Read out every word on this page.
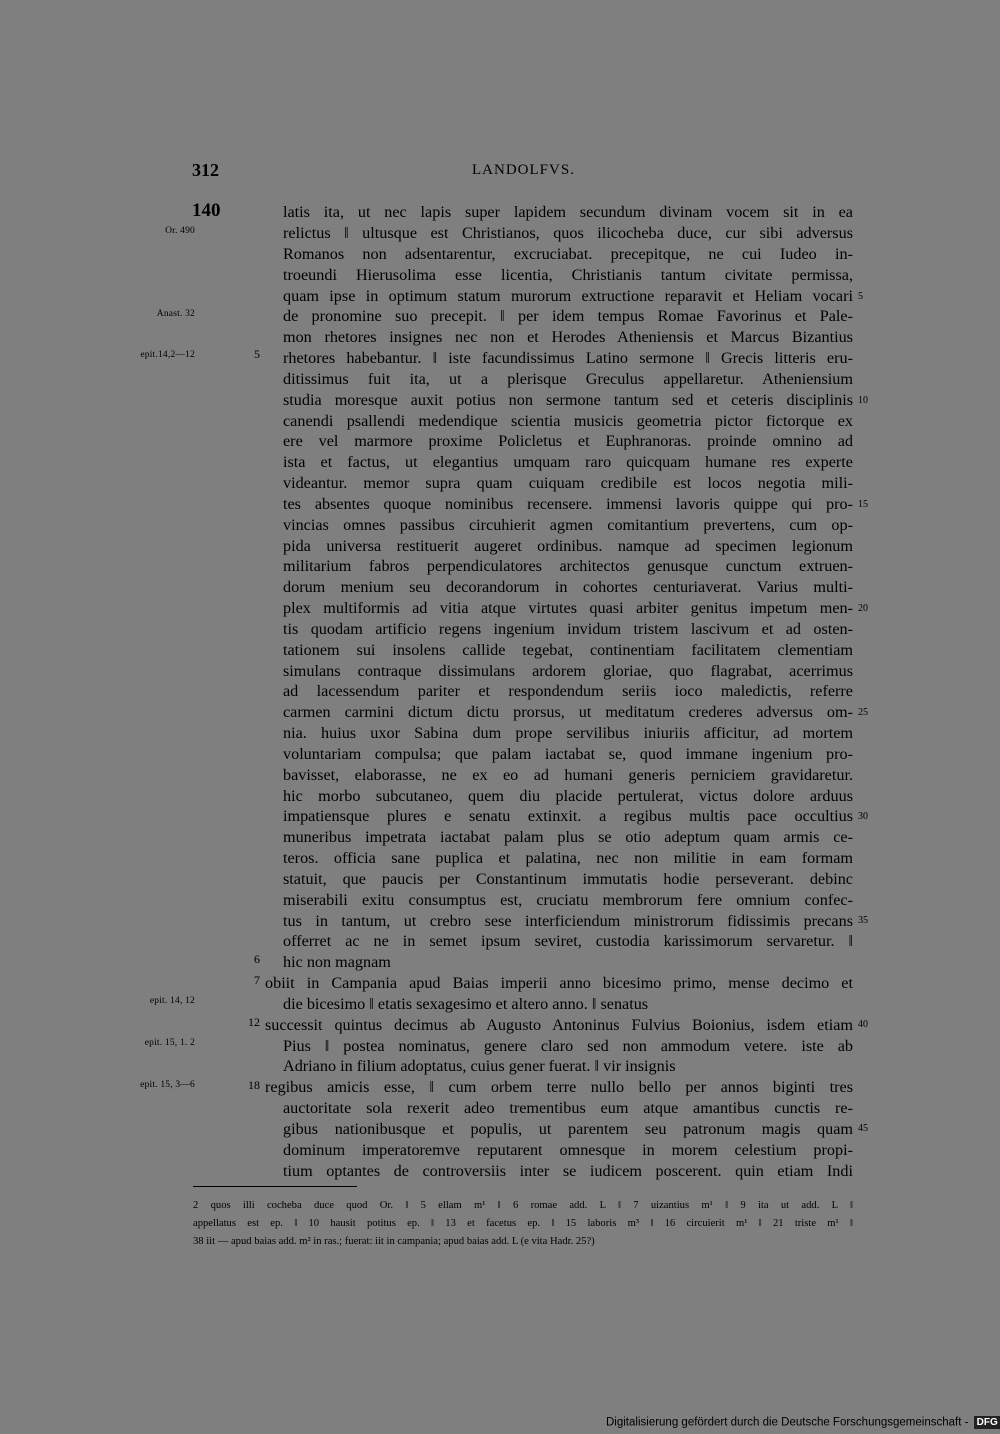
312	LANDOLFVS.
140
Or. 490
Anast. 32
epit.14,2—12
epit. 14, 12
epit. 15, 1. 2
epit. 15, 3—6
5
6
7
12
18
latis ita, ut nec lapis super lapidem secundum divinam vocem sit in ea
relictus ‖ ultusque est Christianos, quos ilicocheba duce, cur sibi adversus
Romanos non adsentarentur, excruciabat. precepitque, ne cui Iudeo in-
troeundi Hierusolima esse licentia, Christianis tantum civitate permissa,
quam ipse in optimum statum murorum extructione reparavit et Heliam vocari
de pronomine suo precepit. ‖ per idem tempus Romae Favorinus et Pale-
mon rhetores insignes nec non et Herodes Atheniensis et Marcus Bizantius
rhetores habebantur. ‖ iste facundissimus Latino sermone ‖ Grecis litteris eru-
ditissimus fuit ita, ut a plerisque Greculus appellaretur. Atheniensium
studia moresque auxit potius non sermone tantum sed et ceteris disciplinis
canendi psallendi medendique scientia musicis geometria pictor fictorque ex
ere vel marmore proxime Policletus et Euphranoras. proinde omnino ad
ista et factus, ut elegantius umquam raro quicquam humane res experte
videantur. memor supra quam cuiquam credibile est locos negotia mili-
tes absentes quoque nominibus recensere. immensi lavoris quippe qui pro-
vincias omnes passibus circuhierit agmen comitantium prevertens, cum op-
pida universa restituerit augeret ordinibus. namque ad specimen legionum
militarium fabros perpendiculatores architectos genusque cunctum extruen-
dorum menium seu decorandorum in cohortes centuriaverat. Varius multi-
plex multiformis ad vitia atque virtutes quasi arbiter genitus impetum men-
tis quodam artificio regens ingenium invidum tristem lascivum et ad osten-
tationem sui insolens callide tegebat, continentiam facilitatem clementiam
simulans contraque dissimulans ardorem gloriae, quo flagrabat, acerrimus
ad lacessendum pariter et respondendum seriis ioco maledictis, referre
carmen carmini dictum dictu prorsus, ut meditatum crederes adversus om-
nia. huius uxor Sabina dum prope servilibus iniuriis afficitur, ad mortem
voluntariam compulsa; que palam iactabat se, quod immane ingenium pro-
bavisset, elaborasse, ne ex eo ad humani generis perniciem gravidaretur.
hic morbo subcutaneo, quem diu placide pertulerat, victus dolore arduus
impatiensque plures e senatu extinxit. a regibus multis pace occultius
muneribus impetrata iactabat palam plus se otio adeptum quam armis ce-
teros. officia sane puplica et palatina, nec non militie in eam formam
statuit, que paucis per Constantinum immutatis hodie perseverant. debinc
miserabili exitu consumptus est, cruciatu membrorum fere omnium confec-
tus in tantum, ut crebro sese interficiendum ministrorum fidissimis precans
offerret ac ne in semet ipsum seviret, custodia karissimorum servaretur. ‖
hic non magnam
obiit in Campania apud Baias imperii anno bicesimo primo, mense decimo et
die bicesimo ‖ etatis sexagesimo et altero anno. ‖ senatus
successit quintus decimus ab Augusto Antoninus Fulvius Boionius, isdem etiam
Pius ‖ postea nominatus, genere claro sed non ammodum vetere. iste ab
Adriano in filium adoptatus, cuius gener fuerat. ‖ vir insignis
regibus amicis esse, ‖ cum orbem terre nullo bello per annos biginti tres
auctoritate sola rexerit adeo trementibus eum atque amantibus cunctis re-
gibus nationibusque et populis, ut parentem seu patronum magis quam
dominum imperatoremve reputarent omnesque in morem celestium propi-
tium optantes de controversiis inter se iudicem poscerent. quin etiam Indi
5
10
15
20
25
30
35
40
45
2 quos illi cocheba duce quod Or. ‖ 5 ellam m¹ ‖ 6 romae add. L ‖ 7 uizantius m¹ ‖ 9 ita ut add. L ‖
appellatus est ep. ‖ 10 hausit potitus ep. ‖ 13 et facetus ep. ‖ 15 laboris m³ ‖ 16 circuierit m¹ ‖ 21 triste m¹ ‖
38 iit — apud baias add. m² in ras.; fuerat: iit in campania; apud baias add. L (e vita Hadr. 25?)
Digitalisierung gefördert durch die Deutsche Forschungsgemeinschaft - DFG
